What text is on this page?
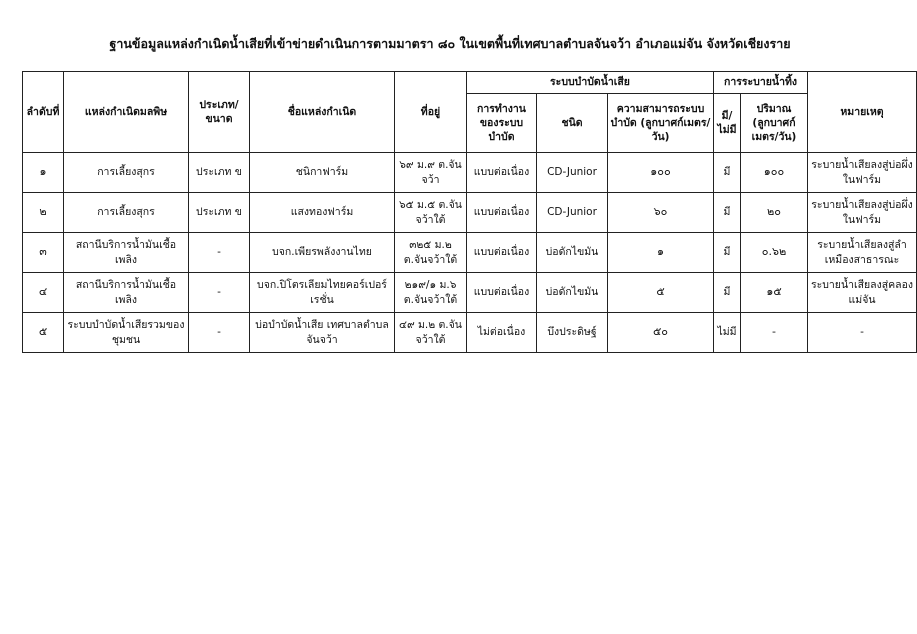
ฐานข้อมูลแหล่งกำเนิดน้ำเสียที่เข้าข่ายดำเนินการตามมาตรา ๘๐ ในเขตพื้นที่เทศบาลตำบลจันจว้า อำเภอแม่จัน จังหวัดเชียงราย
ลำดับที่	แหล่งกำเนิดมลพิษ	ประเภท/ขนาด	ชื่อแหล่งกำเนิด	ที่อยู่	ระบบบำบัดน้ำเสีย			การระบายน้ำทิ้ง		หมายเหตุ
					การทำงานของระบบบำบัด	ชนิด	ความสามารถระบบบำบัด (ลูกบาศก์เมตร/วัน)	มี/ไม่มี	ปริมาณ (ลูกบาศก์เมตร/วัน)	
๑	การเลี้ยงสุกร	ประเภท ข	ชนิกาฟาร์ม	๖๙ ม.๙ ต.จันจว้า	แบบต่อเนื่อง	CD-Junior	๑๐๐	มี	๑๐๐	ระบายน้ำเสียลงสู่บ่อผึ่งในฟาร์ม
๒	การเลี้ยงสุกร	ประเภท ข	แสงทองฟาร์ม	๖๕ ม.๕ ต.จันจว้าใต้	แบบต่อเนื่อง	CD-Junior	๖๐	มี	๒๐	ระบายน้ำเสียลงสู่บ่อผึ่งในฟาร์ม
๓	สถานีบริการน้ำมันเชื้อเพลิง	-	บจก.เพียรพลังงานไทย	๓๒๕ ม.๒ ต.จันจว้าใต้	แบบต่อเนื่อง	บ่อดักไขมัน	๑	มี	๐.๖๒	ระบายน้ำเสียลงสู่ลำเหมืองสาธารณะ
๔	สถานีบริการน้ำมันเชื้อเพลิง	-	บจก.ปิโตรเลียมไทยคอร์เปอร์เรชั่น	๒๑๙/๑ ม.๖ ต.จันจว้าใต้	แบบต่อเนื่อง	บ่อดักไขมัน	๕	มี	๑๕	ระบายน้ำเสียลงสู่คลองแม่จัน
๕	ระบบบำบัดน้ำเสียรวมของชุมชน	-	บ่อบำบัดน้ำเสีย เทศบาลตำบลจันจว้า	๔๙ ม.๒ ต.จันจว้าใต้	ไม่ต่อเนื่อง	บึงประดิษฐ์	๕๐	ไม่มี	-	-
